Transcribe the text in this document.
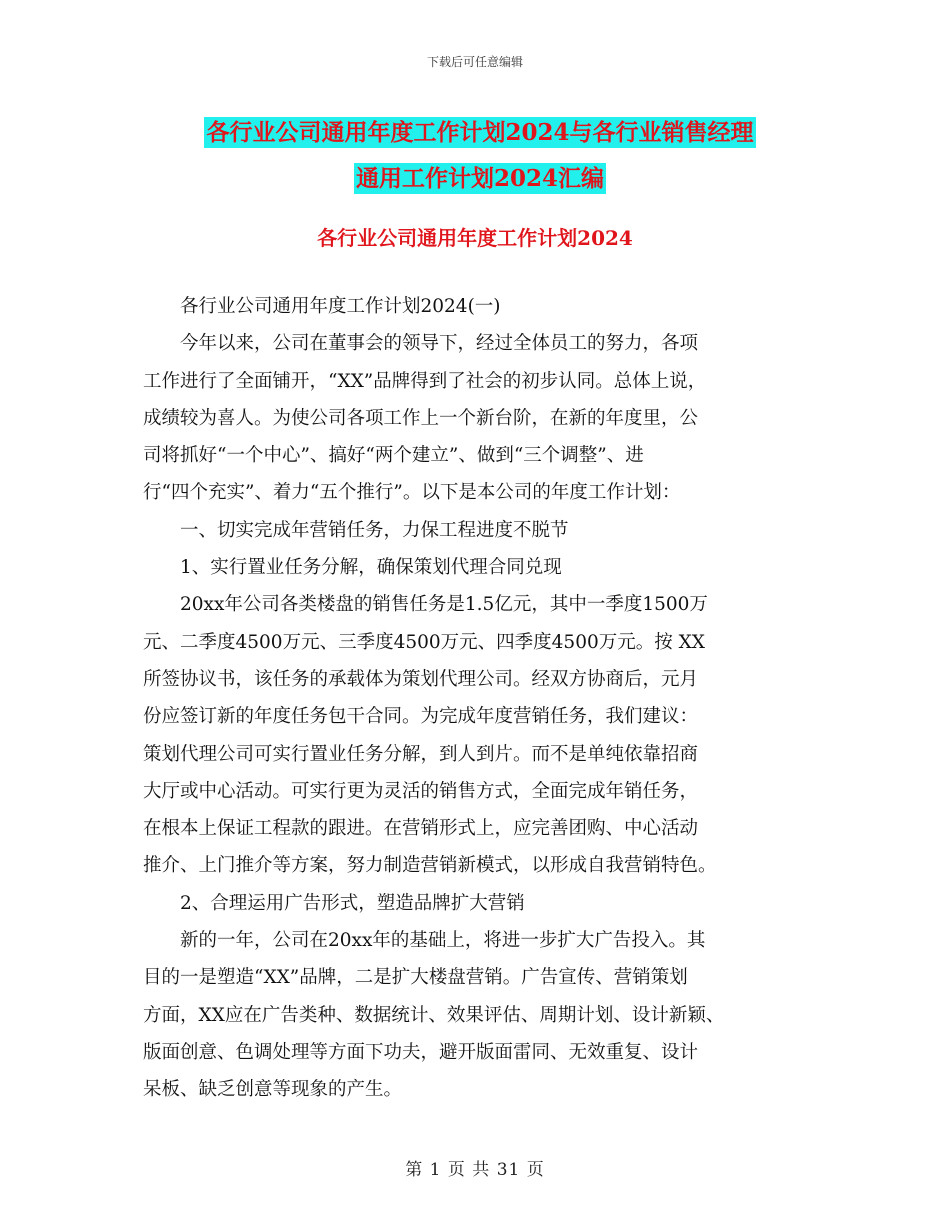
下载后可任意编辑
各行业公司通用年度工作计划2024与各行业销售经理
通用工作计划2024汇编
各行业公司通用年度工作计划2024
　　各行业公司通用年度工作计划2024(一)
　　今年以来，公司在董事会的领导下，经过全体员工的努力，各项
工作进行了全面铺开，“XX”品牌得到了社会的初步认同。总体上说，
成绩较为喜人。为使公司各项工作上一个新台阶，在新的年度里，公
司将抓好“一个中心”、搞好“两个建立”、做到“三个调整”、进
行“四个充实”、着力“五个推行”。以下是本公司的年度工作计划：
　　一、切实完成年营销任务，力保工程进度不脱节
　　1、实行置业任务分解，确保策划代理合同兑现
　　20xx年公司各类楼盘的销售任务是1.5亿元，其中一季度1500万
元、二季度4500万元、三季度4500万元、四季度4500万元。按 XX
所签协议书，该任务的承载体为策划代理公司。经双方协商后，元月
份应签订新的年度任务包干合同。为完成年度营销任务，我们建议：
策划代理公司可实行置业任务分解，到人到片。而不是单纯依靠招商
大厅或中心活动。可实行更为灵活的销售方式，全面完成年销任务，
在根本上保证工程款的跟进。在营销形式上，应完善团购、中心活动
推介、上门推介等方案，努力制造营销新模式，以形成自我营销特色。
　　2、合理运用广告形式，塑造品牌扩大营销
　　新的一年，公司在20xx年的基础上，将进一步扩大广告投入。其
目的一是塑造“XX”品牌，二是扩大楼盘营销。广告宣传、营销策划
方面，XX应在广告类种、数据统计、效果评估、周期计划、设计新颖、
版面创意、色调处理等方面下功夫，避开版面雷同、无效重复、设计
呆板、缺乏创意等现象的产生。
第 1 页 共 31 页
